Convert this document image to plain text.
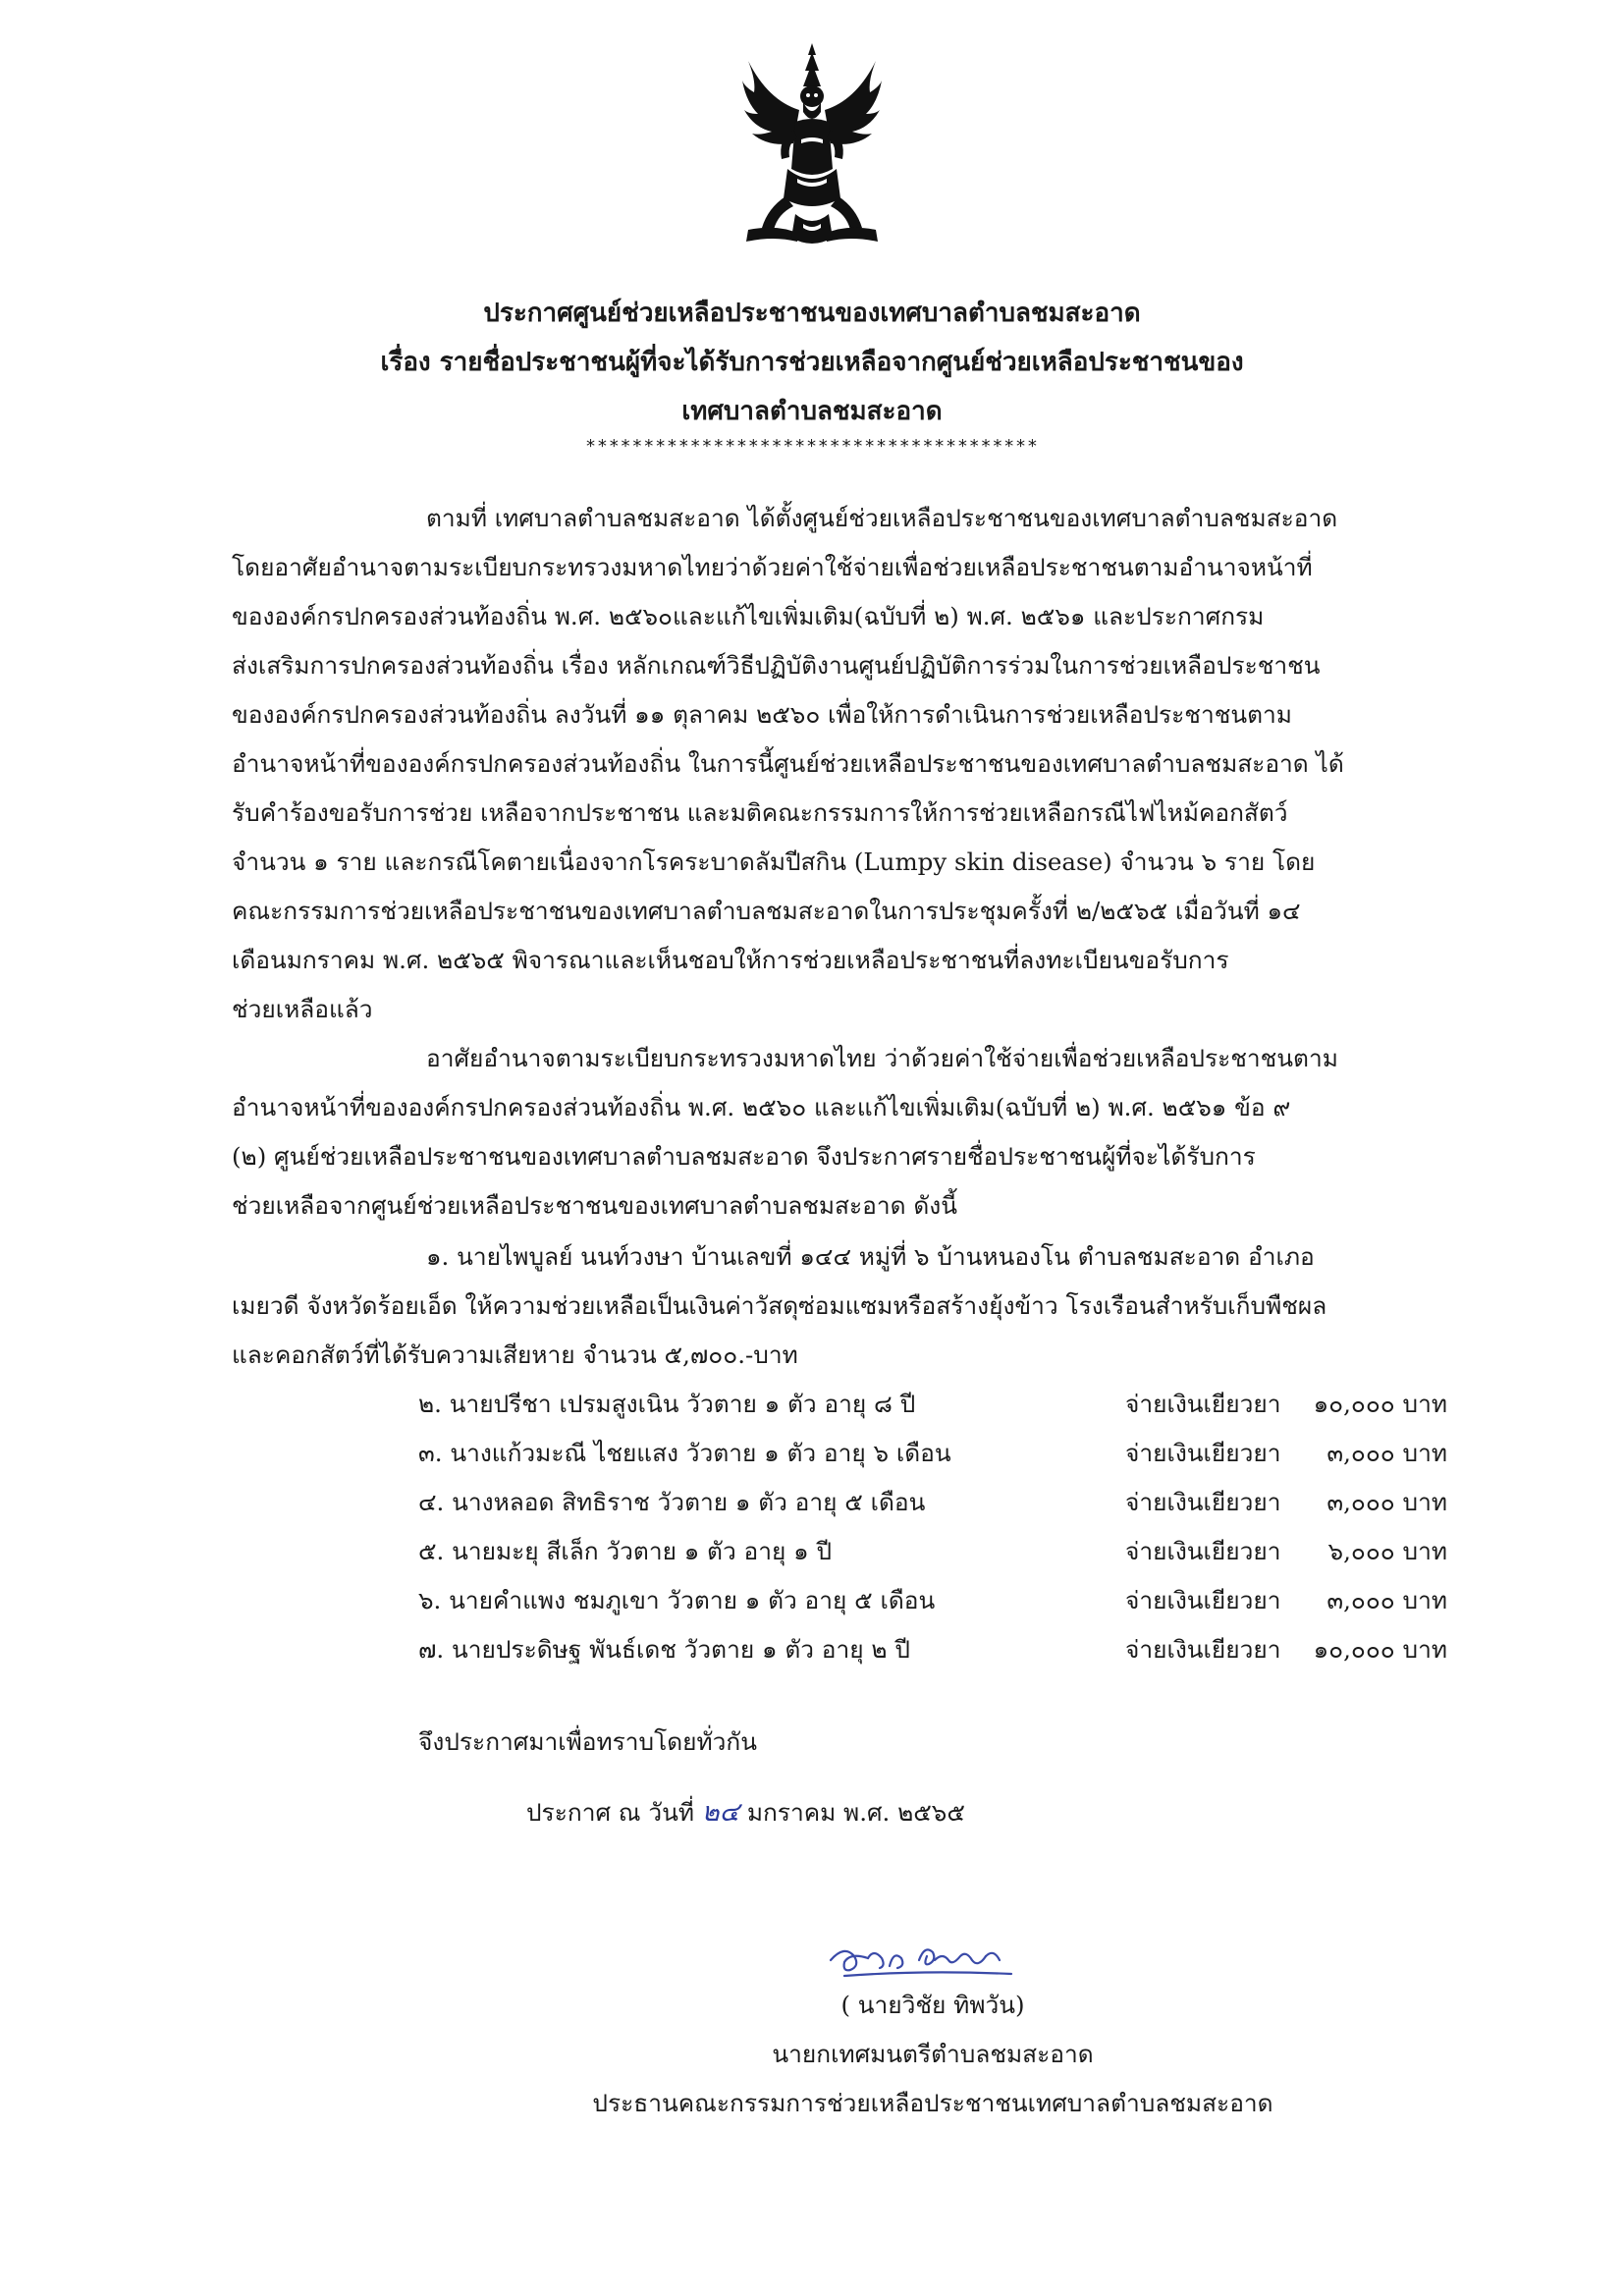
ประกาศศูนย์ช่วยเหลือประชาชนของเทศบาลตำบลชมสะอาด
เรื่อง รายชื่อประชาชนผู้ที่จะได้รับการช่วยเหลือจากศูนย์ช่วยเหลือประชาชนของ
เทศบาลตำบลชมสะอาด
***************************************
ตามที่ เทศบาลตำบลชมสะอาด ได้ตั้งศูนย์ช่วยเหลือประชาชนของเทศบาลตำบลชมสะอาด
โดยอาศัยอำนาจตามระเบียบกระทรวงมหาดไทยว่าด้วยค่าใช้จ่ายเพื่อช่วยเหลือประชาชนตามอำนาจหน้าที่
ขององค์กรปกครองส่วนท้องถิ่น พ.ศ. ๒๕๖๐และแก้ไขเพิ่มเติม(ฉบับที่ ๒) พ.ศ. ๒๕๖๑ และประกาศกรม
ส่งเสริมการปกครองส่วนท้องถิ่น เรื่อง หลักเกณฑ์วิธีปฏิบัติงานศูนย์ปฏิบัติการร่วมในการช่วยเหลือประชาชน
ขององค์กรปกครองส่วนท้องถิ่น ลงวันที่ ๑๑ ตุลาคม ๒๕๖๐ เพื่อให้การดำเนินการช่วยเหลือประชาชนตาม
อำนาจหน้าที่ขององค์กรปกครองส่วนท้องถิ่น ในการนี้ศูนย์ช่วยเหลือประชาชนของเทศบาลตำบลชมสะอาด ได้
รับคำร้องขอรับการช่วย เหลือจากประชาชน และมติคณะกรรมการให้การช่วยเหลือกรณีไฟไหม้คอกสัตว์
จำนวน ๑ ราย และกรณีโคตายเนื่องจากโรคระบาดลัมปีสกิน (Lumpy skin disease) จำนวน ๖ ราย โดย
คณะกรรมการช่วยเหลือประชาชนของเทศบาลตำบลชมสะอาดในการประชุมครั้งที่ ๒/๒๕๖๕ เมื่อวันที่ ๑๔
เดือนมกราคม พ.ศ. ๒๕๖๕ พิจารณาและเห็นชอบให้การช่วยเหลือประชาชนที่ลงทะเบียนขอรับการ
ช่วยเหลือแล้ว
อาศัยอำนาจตามระเบียบกระทรวงมหาดไทย ว่าด้วยค่าใช้จ่ายเพื่อช่วยเหลือประชาชนตาม
อำนาจหน้าที่ขององค์กรปกครองส่วนท้องถิ่น พ.ศ. ๒๕๖๐ และแก้ไขเพิ่มเติม(ฉบับที่ ๒) พ.ศ. ๒๕๖๑ ข้อ ๙
(๒) ศูนย์ช่วยเหลือประชาชนของเทศบาลตำบลชมสะอาด จึงประกาศรายชื่อประชาชนผู้ที่จะได้รับการ
ช่วยเหลือจากศูนย์ช่วยเหลือประชาชนของเทศบาลตำบลชมสะอาด ดังนี้
๑. นายไพบูลย์ นนท์วงษา บ้านเลขที่ ๑๔๔ หมู่ที่ ๖ บ้านหนองโน ตำบลชมสะอาด อำเภอ
เมยวดี จังหวัดร้อยเอ็ด ให้ความช่วยเหลือเป็นเงินค่าวัสดุซ่อมแซมหรือสร้างยุ้งข้าว โรงเรือนสำหรับเก็บพืชผล
และคอกสัตว์ที่ได้รับความเสียหาย จำนวน ๕,๗๐๐.-บาท
๒. นายปรีชา เปรมสูงเนิน วัวตาย ๑ ตัว อายุ ๘ ปี	จ่ายเงินเยียวยา ๑๐,๐๐๐ บาท
๓. นางแก้วมะณี ไชยแสง วัวตาย ๑ ตัว อายุ ๖ เดือน	จ่ายเงินเยียวยา ๓,๐๐๐ บาท
๔. นางหลอด สิทธิราช วัวตาย ๑ ตัว อายุ ๕ เดือน	จ่ายเงินเยียวยา ๓,๐๐๐ บาท
๕. นายมะยุ สีเล็ก วัวตาย ๑ ตัว อายุ ๑ ปี	จ่ายเงินเยียวยา ๖,๐๐๐ บาท
๖. นายคำแพง ชมภูเขา วัวตาย ๑ ตัว อายุ ๕ เดือน	จ่ายเงินเยียวยา ๓,๐๐๐ บาท
๗. นายประดิษฐ พันธ์เดช วัวตาย ๑ ตัว อายุ ๒ ปี	จ่ายเงินเยียวยา ๑๐,๐๐๐ บาท
จึงประกาศมาเพื่อทราบโดยทั่วกัน
ประกาศ ณ วันที่ ๒๔ มกราคม พ.ศ. ๒๕๖๕
( นายวิชัย ทิพวัน)
นายกเทศมนตรีตำบลชมสะอาด
ประธานคณะกรรมการช่วยเหลือประชาชนเทศบาลตำบลชมสะอาด
